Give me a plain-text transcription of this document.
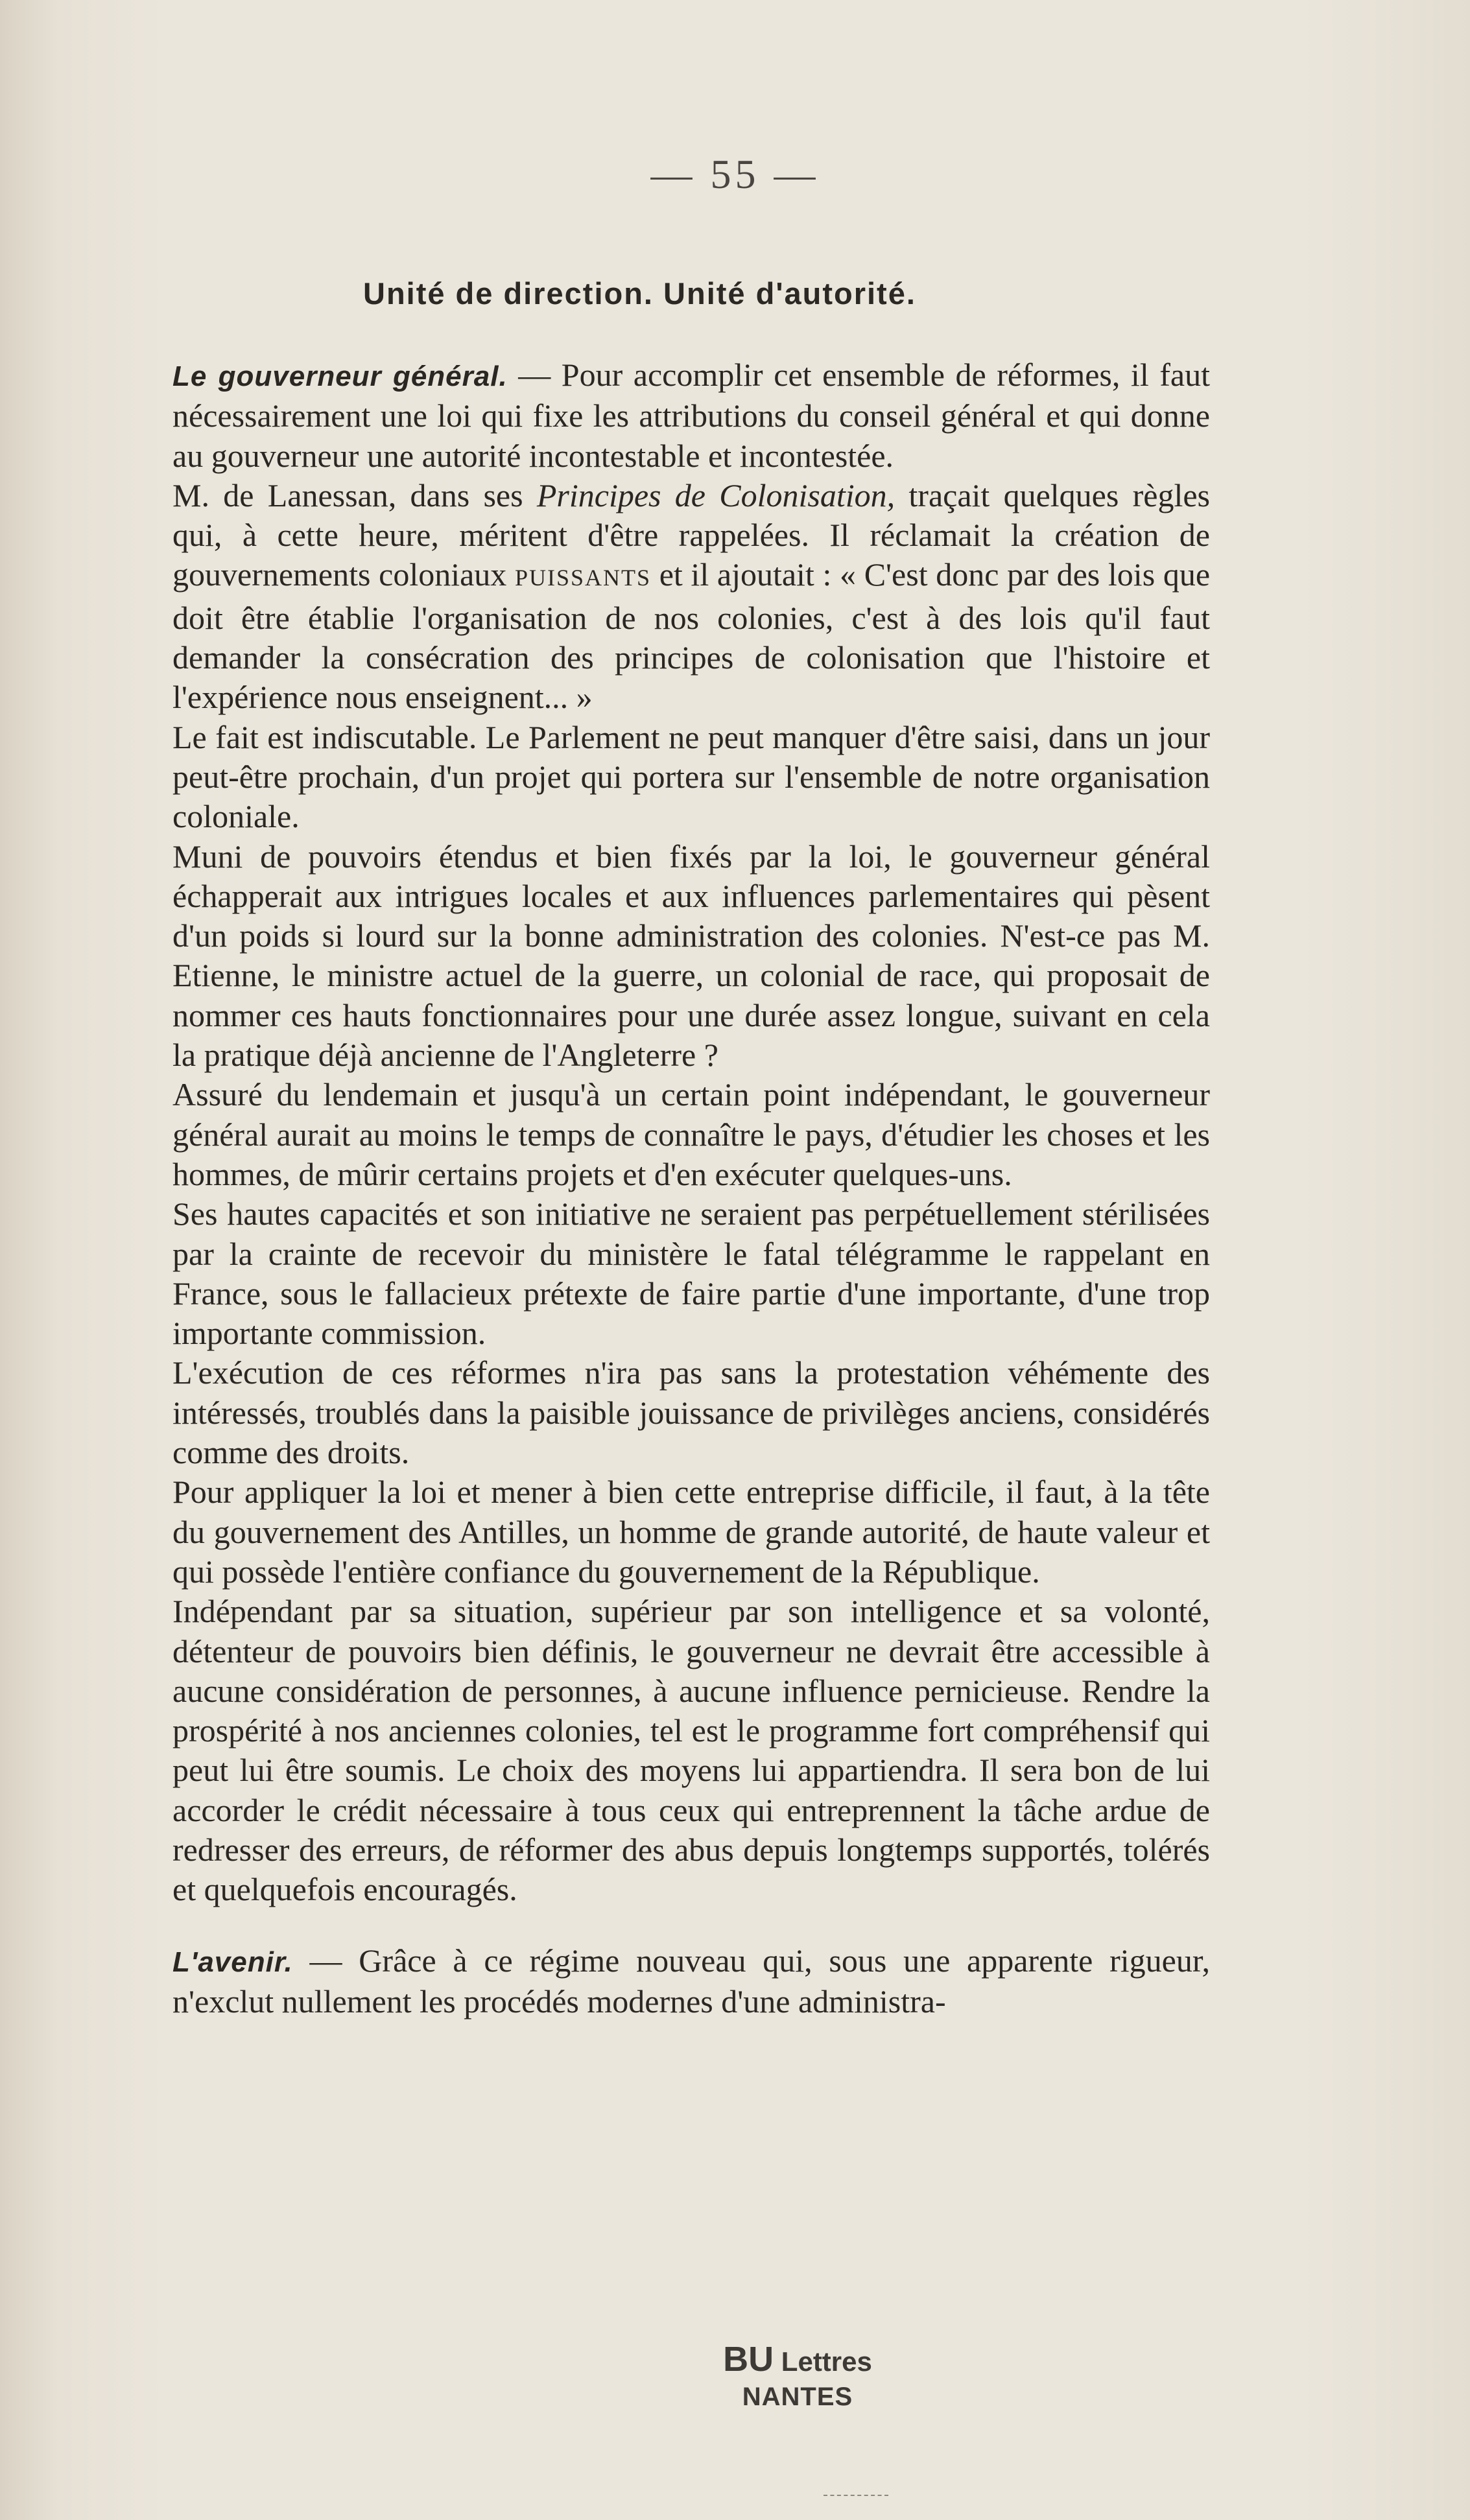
— 55 —
Unité de direction. Unité d'autorité.

Le gouverneur général. — Pour accomplir cet ensemble de réformes, il faut nécessairement une loi qui fixe les attributions du conseil général et qui donne au gouverneur une autorité incontestable et incontestée.

M. de Lanessan, dans ses Principes de Colonisation, traçait quelques règles qui, à cette heure, méritent d'être rappelées. Il réclamait la création de gouvernements coloniaux PUISSANTS et il ajoutait : « C'est donc par des lois que doit être établie l'organisation de nos colonies, c'est à des lois qu'il faut demander la consécration des principes de colonisation que l'histoire et l'expérience nous enseignent... »

Le fait est indiscutable. Le Parlement ne peut manquer d'être saisi, dans un jour peut-être prochain, d'un projet qui portera sur l'ensemble de notre organisation coloniale.

Muni de pouvoirs étendus et bien fixés par la loi, le gouverneur général échapperait aux intrigues locales et aux influences parlementaires qui pèsent d'un poids si lourd sur la bonne administration des colonies. N'est-ce pas M. Etienne, le ministre actuel de la guerre, un colonial de race, qui proposait de nommer ces hauts fonctionnaires pour une durée assez longue, suivant en cela la pratique déjà ancienne de l'Angleterre ?

Assuré du lendemain et jusqu'à un certain point indépendant, le gouverneur général aurait au moins le temps de connaître le pays, d'étudier les choses et les hommes, de mûrir certains projets et d'en exécuter quelques-uns.

Ses hautes capacités et son initiative ne seraient pas perpétuellement stérilisées par la crainte de recevoir du ministère le fatal télégramme le rappelant en France, sous le fallacieux prétexte de faire partie d'une importante, d'une trop importante commission.

L'exécution de ces réformes n'ira pas sans la protestation véhémente des intéressés, troublés dans la paisible jouissance de privilèges anciens, considérés comme des droits.

Pour appliquer la loi et mener à bien cette entreprise difficile, il faut, à la tête du gouvernement des Antilles, un homme de grande autorité, de haute valeur et qui possède l'entière confiance du gouvernement de la République.

Indépendant par sa situation, supérieur par son intelligence et sa volonté, détenteur de pouvoirs bien définis, le gouverneur ne devrait être accessible à aucune considération de personnes, à aucune influence pernicieuse. Rendre la prospérité à nos anciennes colonies, tel est le programme fort compréhensif qui peut lui être soumis. Le choix des moyens lui appartiendra. Il sera bon de lui accorder le crédit nécessaire à tous ceux qui entreprennent la tâche ardue de redresser des erreurs, de réformer des abus depuis longtemps supportés, tolérés et quelquefois encouragés.

L'avenir. — Grâce à ce régime nouveau qui, sous une apparente rigueur, n'exclut nullement les procédés modernes d'une administra-

BU Lettres
NANTES
